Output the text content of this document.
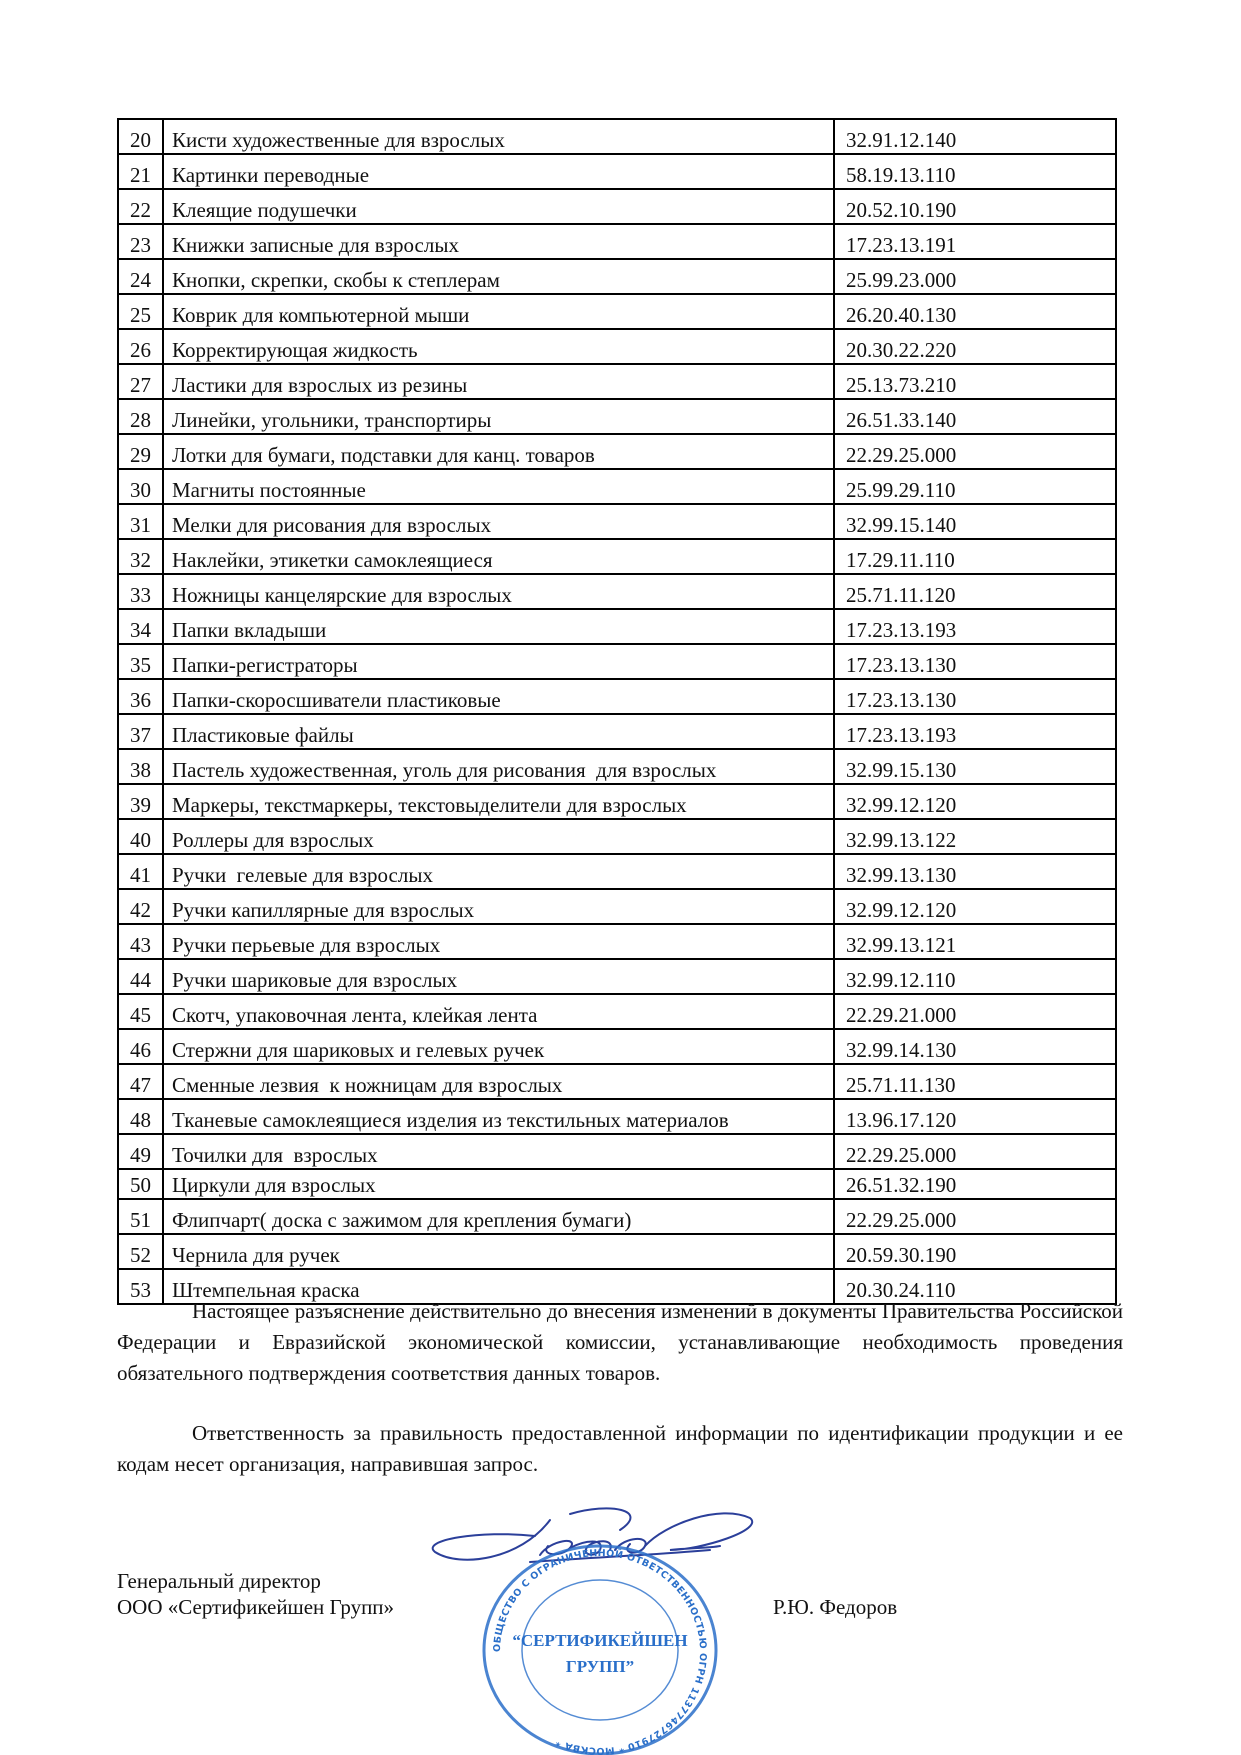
20	Кисти художественные для взрослых	32.91.12.140
21	Картинки переводные	58.19.13.110
22	Клеящие подушечки	20.52.10.190
23	Книжки записные для взрослых	17.23.13.191
24	Кнопки, скрепки, скобы к степлерам	25.99.23.000
25	Коврик для компьютерной мыши	26.20.40.130
26	Корректирующая жидкость	20.30.22.220
27	Ластики для взрослых из резины	25.13.73.210
28	Линейки, угольники, транспортиры	26.51.33.140
29	Лотки для бумаги, подставки для канц. товаров	22.29.25.000
30	Магниты постоянные	25.99.29.110
31	Мелки для рисования для взрослых	32.99.15.140
32	Наклейки, этикетки самоклеящиеся	17.29.11.110
33	Ножницы канцелярские для взрослых	25.71.11.120
34	Папки вкладыши	17.23.13.193
35	Папки-регистраторы	17.23.13.130
36	Папки-скоросшиватели пластиковые	17.23.13.130
37	Пластиковые файлы	17.23.13.193
38	Пастель художественная, уголь для рисования  для взрослых	32.99.15.130
39	Маркеры, текстмаркеры, текстовыделители для взрослых	32.99.12.120
40	Роллеры для взрослых	32.99.13.122
41	Ручки  гелевые для взрослых	32.99.13.130
42	Ручки капиллярные для взрослых	32.99.12.120
43	Ручки перьевые для взрослых	32.99.13.121
44	Ручки шариковые для взрослых	32.99.12.110
45	Скотч, упаковочная лента, клейкая лента	22.29.21.000
46	Стержни для шариковых и гелевых ручек	32.99.14.130
47	Сменные лезвия  к ножницам для взрослых	25.71.11.130
48	Тканевые самоклеящиеся изделия из текстильных материалов	13.96.17.120
49	Точилки для  взрослых	22.29.25.000
50	Циркули для взрослых	26.51.32.190
51	Флипчарт( доска с зажимом для крепления бумаги)	22.29.25.000
52	Чернила для ручек	20.59.30.190
53	Штемпельная краска	20.30.24.110

Настоящее разъяснение действительно до внесения изменений в документы Правительства Российской Федерации и Евразийской экономической комиссии, устанавливающие необходимость проведения обязательного подтверждения соответствия данных товаров.

Ответственность за правильность предоставленной информации по идентификации продукции и ее кодам несет организация, направившая запрос.

Генеральный директор
ООО «Сертификейшен Групп»	Р.Ю. Федоров
ОБЩЕСТВО С ОГРАНИЧЕННОЙ ОТВЕТСТВЕННОСТЬЮ ОГРН 1137746727910 * МОСКВА *
“СЕРТИФИКЕЙШЕН
ГРУПП”
